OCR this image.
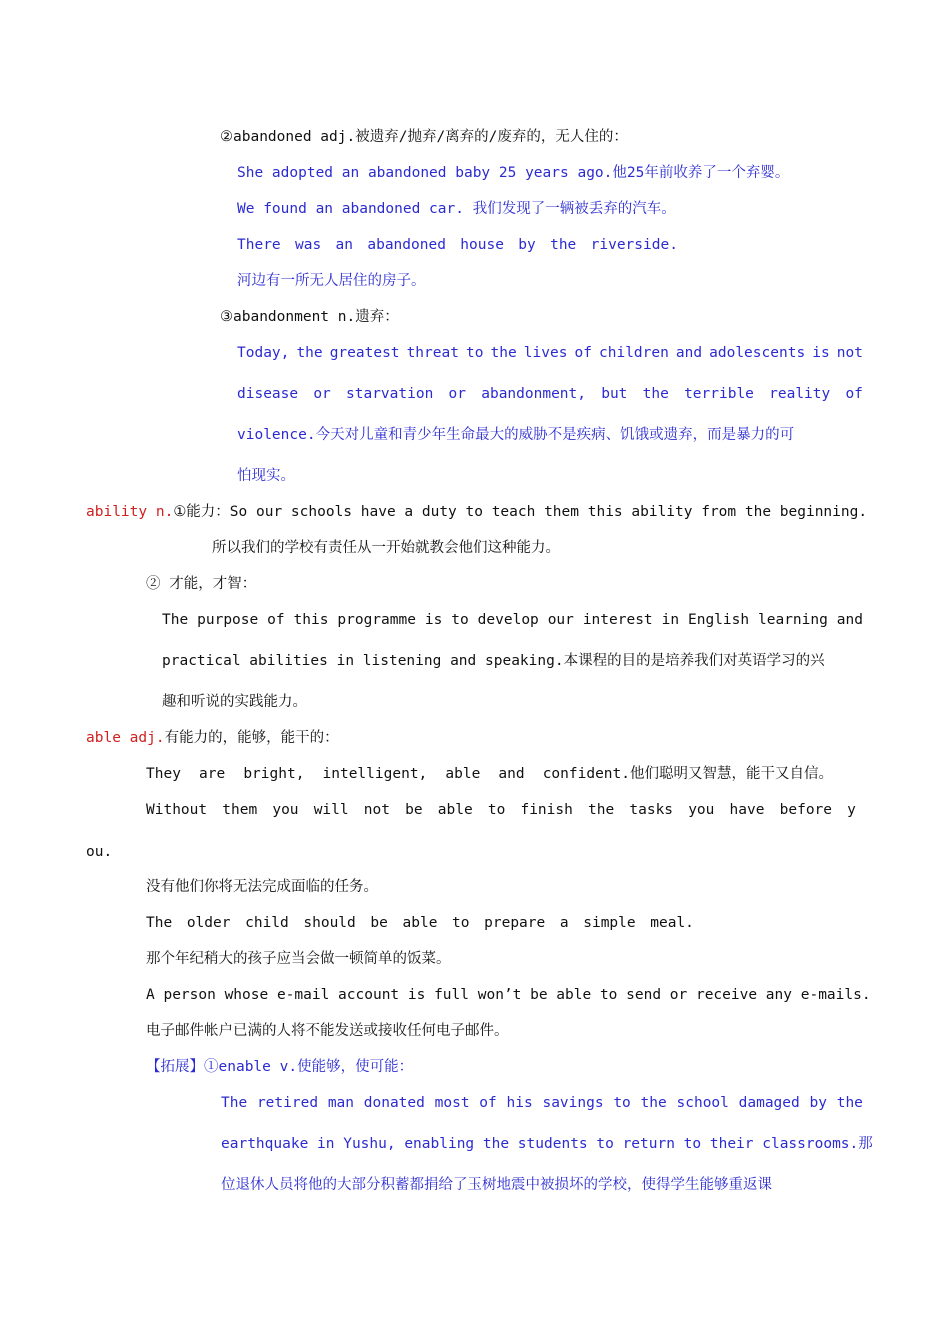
②abandoned adj.被遗弃/抛弃/离弃的/废弃的，无人住的：
She adopted an abandoned baby 25 years ago.他25年前收养了一个弃婴。
We found an abandoned car. 我们发现了一辆被丢弃的汽车。
There was an abandoned house by the riverside.
河边有一所无人居住的房子。
③abandonment n.遗弃：
Today, the greatest threat to the lives of children and adolescents is not
disease or starvation or abandonment, but the terrible reality of
violence.今天对儿童和青少年生命最大的威胁不是疾病、饥饿或遗弃，而是暴力的可
怕现实。
ability n.①能力：So our schools have a duty to teach them this ability from the beginning.
所以我们的学校有责任从一开始就教会他们这种能力。
② 才能，才智：
The purpose of this programme is to develop our interest in English learning and
practical abilities in listening and speaking.本课程的目的是培养我们对英语学习的兴
趣和听说的实践能力。
able adj.有能力的，能够，能干的：
They are bright, intelligent, able and confident.他们聪明又智慧，能干又自信。
Without them you will not be able to finish the tasks you have before y
ou.
没有他们你将无法完成面临的任务。
The older child should be able to prepare a simple meal.
那个年纪稍大的孩子应当会做一顿简单的饭菜。
A person whose e-mail account is full won’t be able to send or receive any e-mails.
电子邮件帐户已满的人将不能发送或接收任何电子邮件。
【拓展】①enable v.使能够，使可能：
The retired man donated most of his savings to the school damaged by the
earthquake in Yushu, enabling the students to return to their classrooms.那
位退休人员将他的大部分积蓄都捐给了玉树地震中被损坏的学校，使得学生能够重返课
